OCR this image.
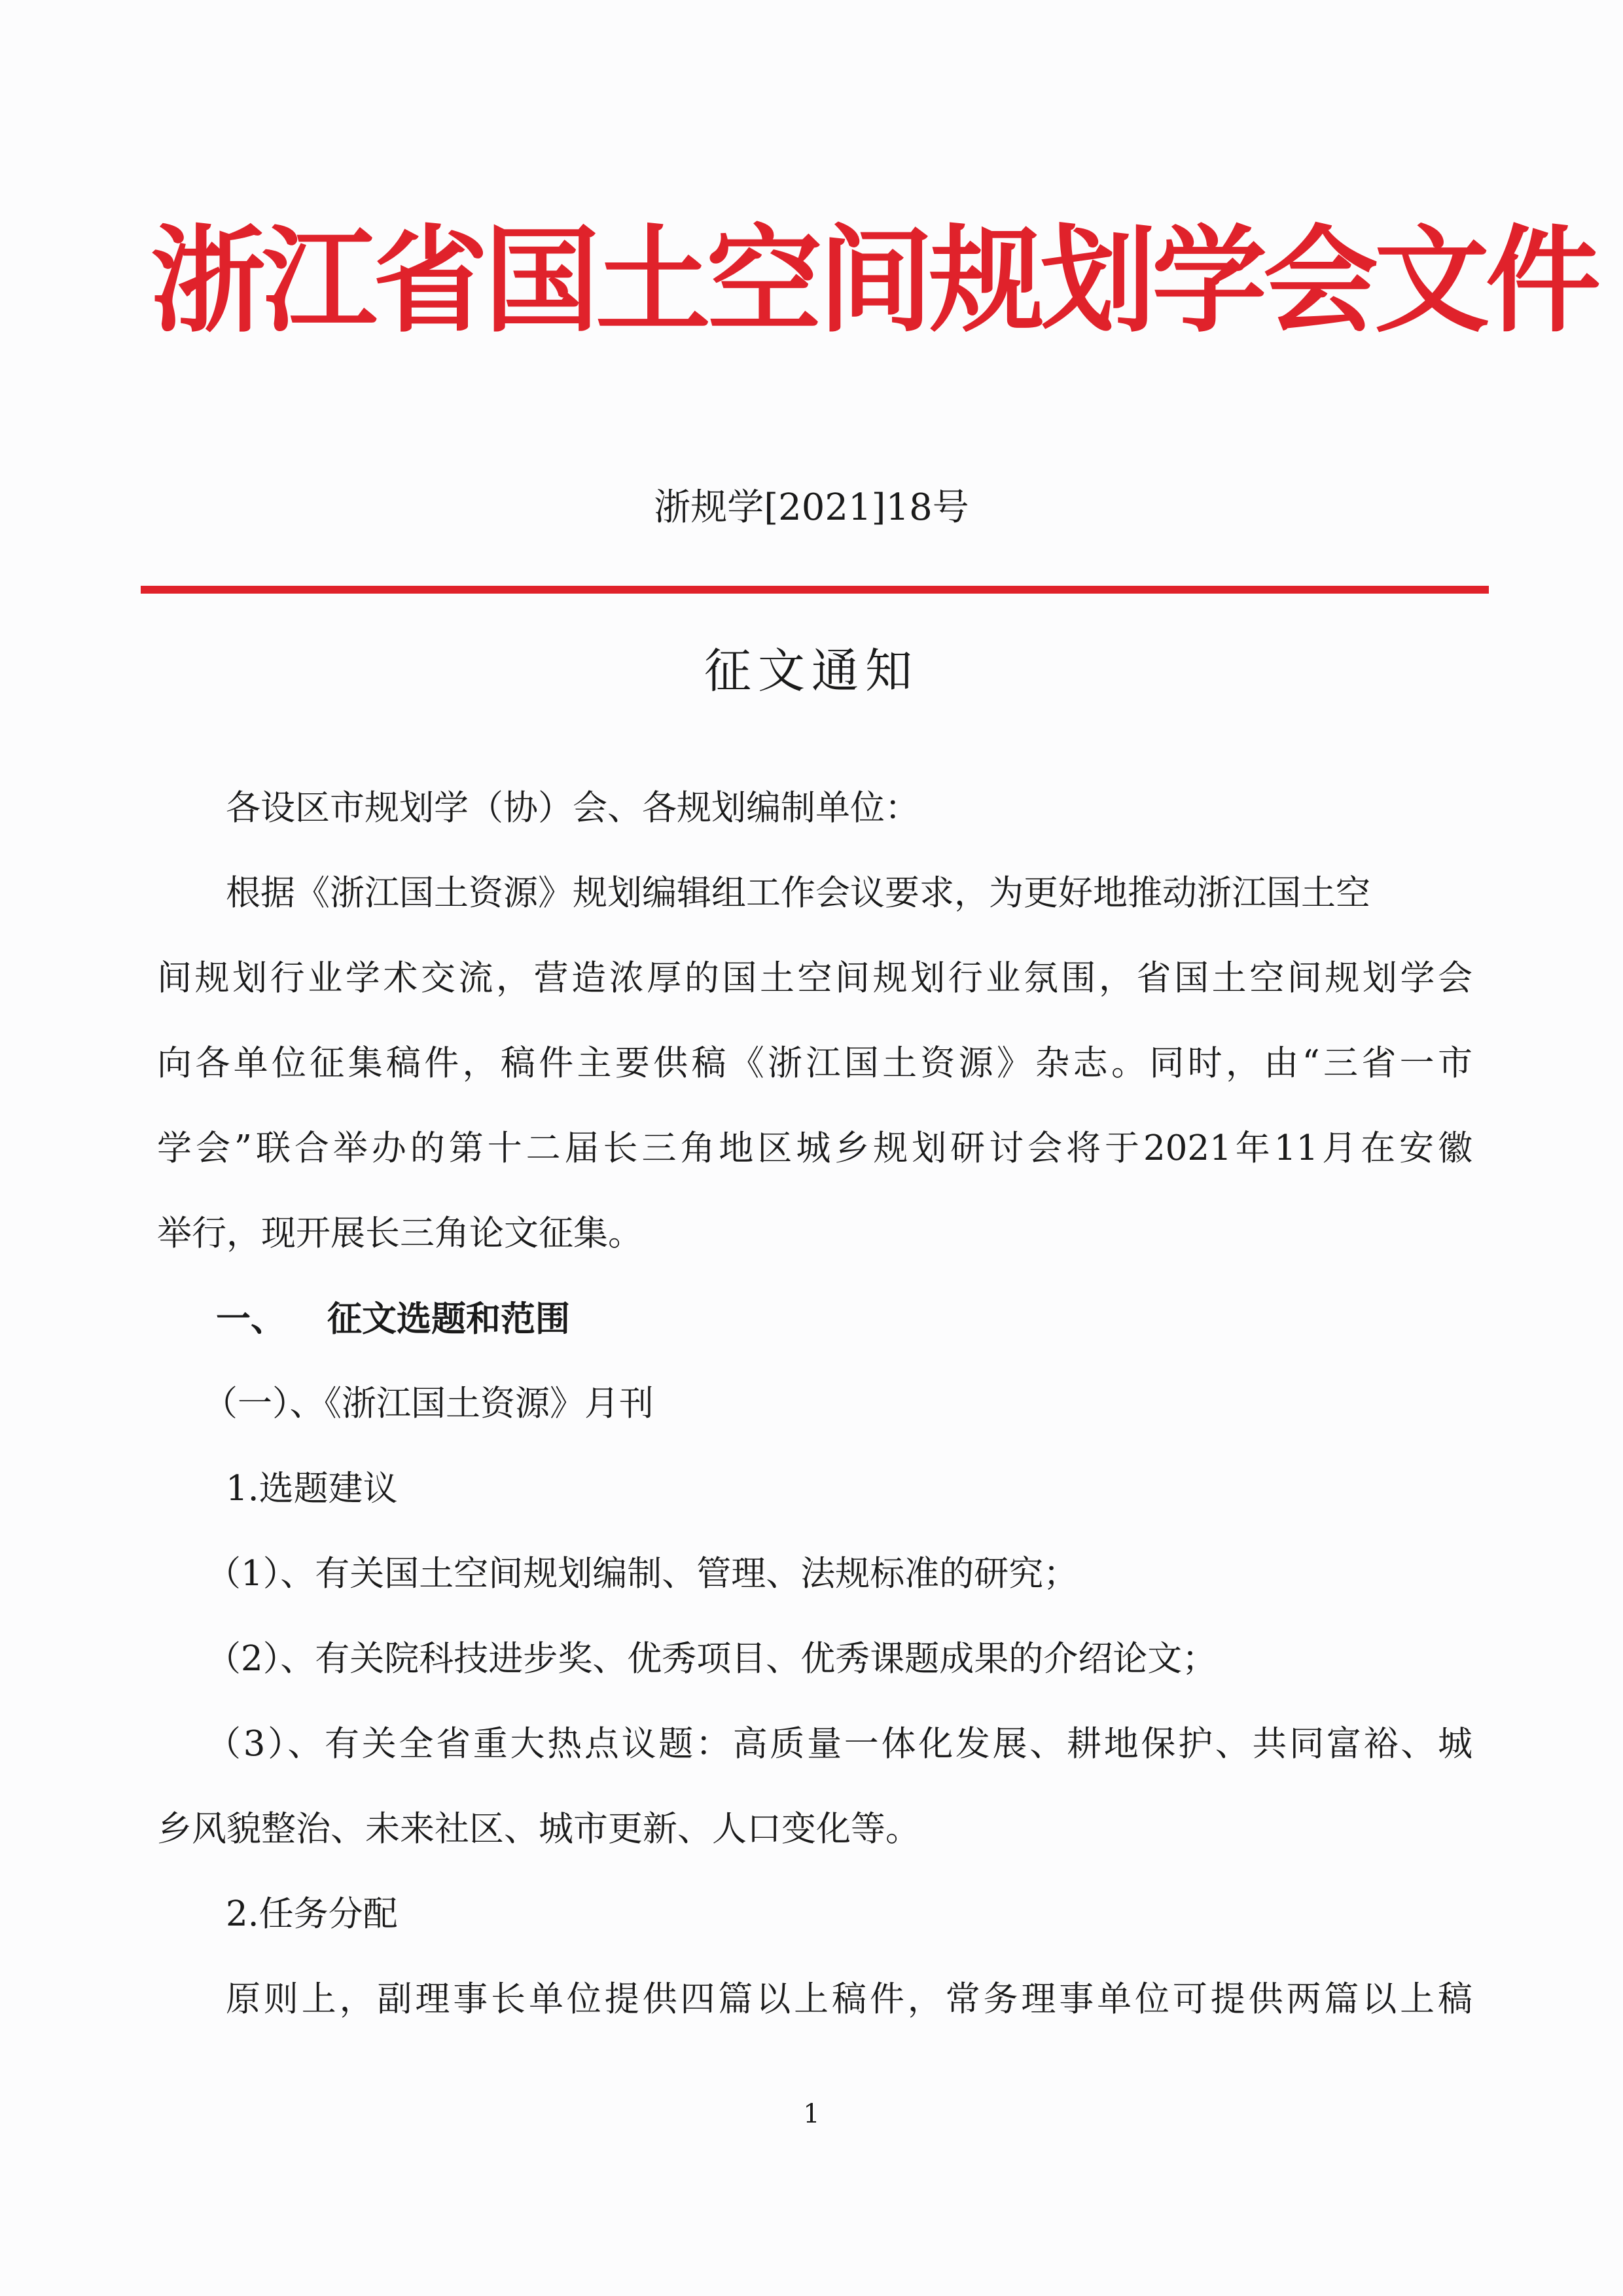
浙江省国土空间规划学会文件
浙规学[2021]18号
征文通知
各设区市规划学（协）会、各规划编制单位：
根据《浙江国土资源》规划编辑组工作会议要求，为更好地推动浙江国土空
间规划行业学术交流，营造浓厚的国土空间规划行业氛围，省国土空间规划学会
向各单位征集稿件，稿件主要供稿《浙江国土资源》杂志。同时，由“三省一市
学会”联合举办的第十二届长三角地区城乡规划研讨会将于2021年11月在安徽
举行，现开展长三角论文征集。
一、 征文选题和范围
（一）、《浙江国土资源》月刊
1.选题建议
（1）、有关国土空间规划编制、管理、法规标准的研究；
（2）、有关院科技进步奖、优秀项目、优秀课题成果的介绍论文；
（3）、有关全省重大热点议题：高质量一体化发展、耕地保护、共同富裕、城
乡风貌整治、未来社区、城市更新、人口变化等。
2.任务分配
原则上，副理事长单位提供四篇以上稿件，常务理事单位可提供两篇以上稿
1
